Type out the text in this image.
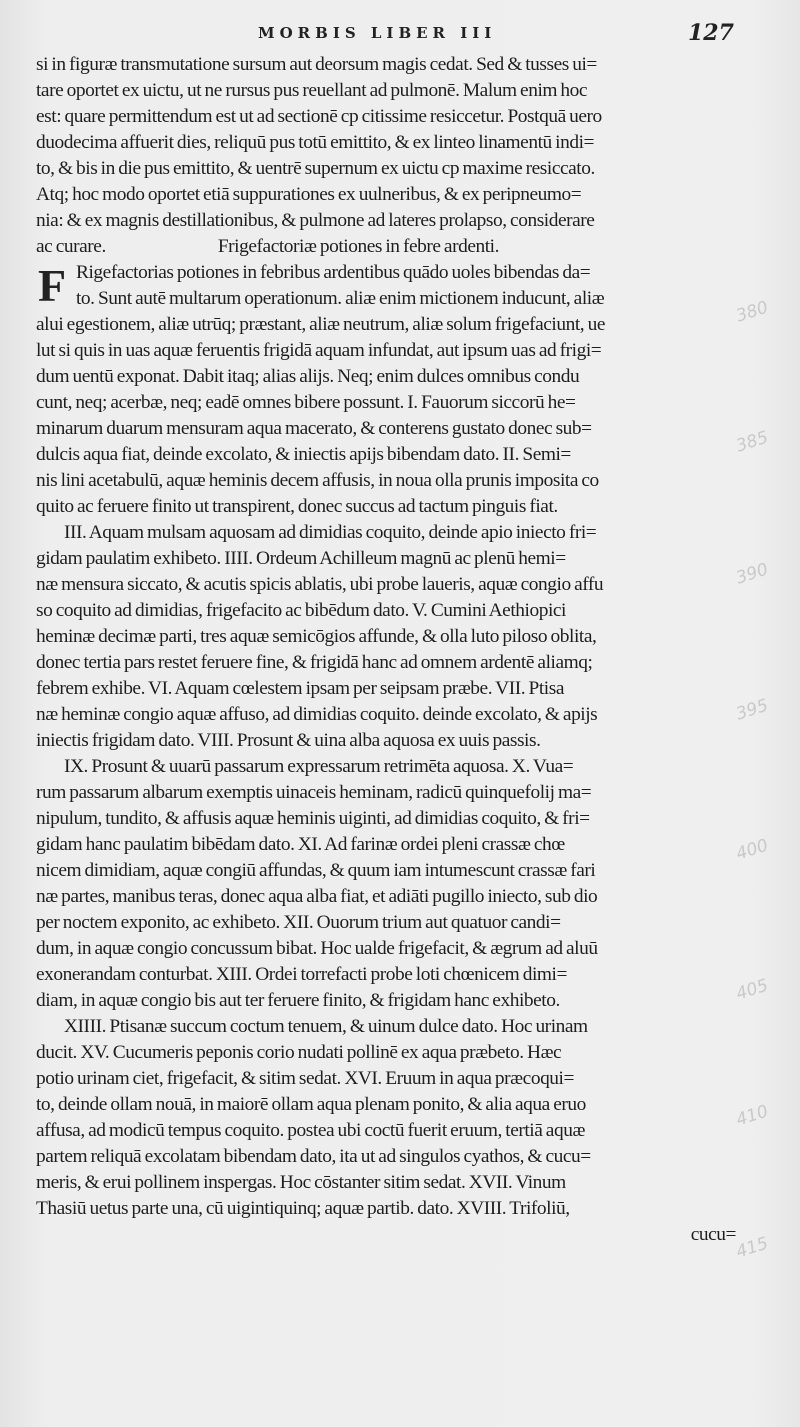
MORBIS LIBER III	127
si in figuræ transmutatione sursum aut deorsum magis cedat. Sed & tusses ui=
tare oportet ex uictu, ut ne rursus pus reuellant ad pulmonē. Malum enim hoc
est: quare permittendum est ut ad sectionē cp citissime resiccetur. Postquā uero
duodecima affuerit dies, reliquū pus totū emittito, & ex linteo linamentū indi=
to, & bis in die pus emittito, & uentrē supernum ex uictu cp maxime resiccato.
Atq; hoc modo oportet etiā suppurationes ex uulneribus, & ex peripneumo=
nia: & ex magnis destillationibus, & pulmone ad lateres prolapso, considerare
ac curare.	Frigefactoriæ potiones in febre ardenti.
F Rigefactorias potiones in febribus ardentibus quādo uoles bibendas da=
to. Sunt autē multarum operationum. aliæ enim mictionem inducunt, aliæ
alui egestionem, aliæ utrūq; præstant, aliæ neutrum, aliæ solum frigefaciunt, ue
lut si quis in uas aquæ feruentis frigidā aquam infundat, aut ipsum uas ad frigi=
dum uentū exponat. Dabit itaq; alias alijs. Neq; enim dulces omnibus condu
cunt, neq; acerbæ, neq; eadē omnes bibere possunt. I. Fauorum siccorū he=
minarum duarum mensuram aqua macerato, & conterens gustato donec sub=
dulcis aqua fiat, deinde excolato, & iniectis apijs bibendam dato. II. Semi=
nis lini acetabulū, aquæ heminis decem affusis, in noua olla prunis imposita co
quito ac feruere finito ut transpirent, donec succus ad tactum pinguis fiat.
III. Aquam mulsam aquosam ad dimidias coquito, deinde apio iniecto fri=
gidam paulatim exhibeto. IIII. Ordeum Achilleum magnū ac plenū hemi=
næ mensura siccato, & acutis spicis ablatis, ubi probe laueris, aquæ congio affu
so coquito ad dimidias, frigefacito ac bibēdum dato. V. Cumini Aethiopici
heminæ decimæ parti, tres aquæ semicōgios affunde, & olla luto piloso oblita,
donec tertia pars restet feruere fine, & frigidā hanc ad omnem ardentē aliamq;
febrem exhibe. VI. Aquam cœlestem ipsam per seipsam præbe. VII. Ptisa
næ heminæ congio aquæ affuso, ad dimidias coquito. deinde excolato, & apijs
iniectis frigidam dato. VIII. Prosunt & uina alba aquosa ex uuis passis.
IX. Prosunt & uuarū passarum expressarum retrimēta aquosa. X. Vua=
rum passarum albarum exemptis uinaceis heminam, radicū quinquefolij ma=
nipulum, tundito, & affusis aquæ heminis uiginti, ad dimidias coquito, & fri=
gidam hanc paulatim bibēdam dato. XI. Ad farinæ ordei pleni crassæ chœ
nicem dimidiam, aquæ congiū affundas, & quum iam intumescunt crassæ fari
næ partes, manibus teras, donec aqua alba fiat, et adiāti pugillo iniecto, sub dio
per noctem exponito, ac exhibeto. XII. Ouorum trium aut quatuor candi=
dum, in aquæ congio concussum bibat. Hoc ualde frigefacit, & ægrum ad aluū
exonerandam conturbat. XIII. Ordei torrefacti probe loti chœnicem dimi=
diam, in aquæ congio bis aut ter feruere finito, & frigidam hanc exhibeto.
XIIII. Ptisanæ succum coctum tenuem, & uinum dulce dato. Hoc urinam
ducit. XV. Cucumeris peponis corio nudati pollinē ex aqua præbeto. Hæc
potio urinam ciet, frigefacit, & sitim sedat. XVI. Eruum in aqua præcoqui=
to, deinde ollam nouā, in maiorē ollam aqua plenam ponito, & alia aqua eruo
affusa, ad modicū tempus coquito. postea ubi coctū fuerit eruum, tertiā aquæ
partem reliquā excolatam bibendam dato, ita ut ad singulos cyathos, & cucu=
meris, & erui pollinem inspergas. Hoc cōstanter sitim sedat. XVII. Vinum
Thasiū uetus parte una, cū uigintiquinq; aquæ partib. dato. XVIII. Trifoliū,
cucu=
380
385
390
395
400
405
410
415
